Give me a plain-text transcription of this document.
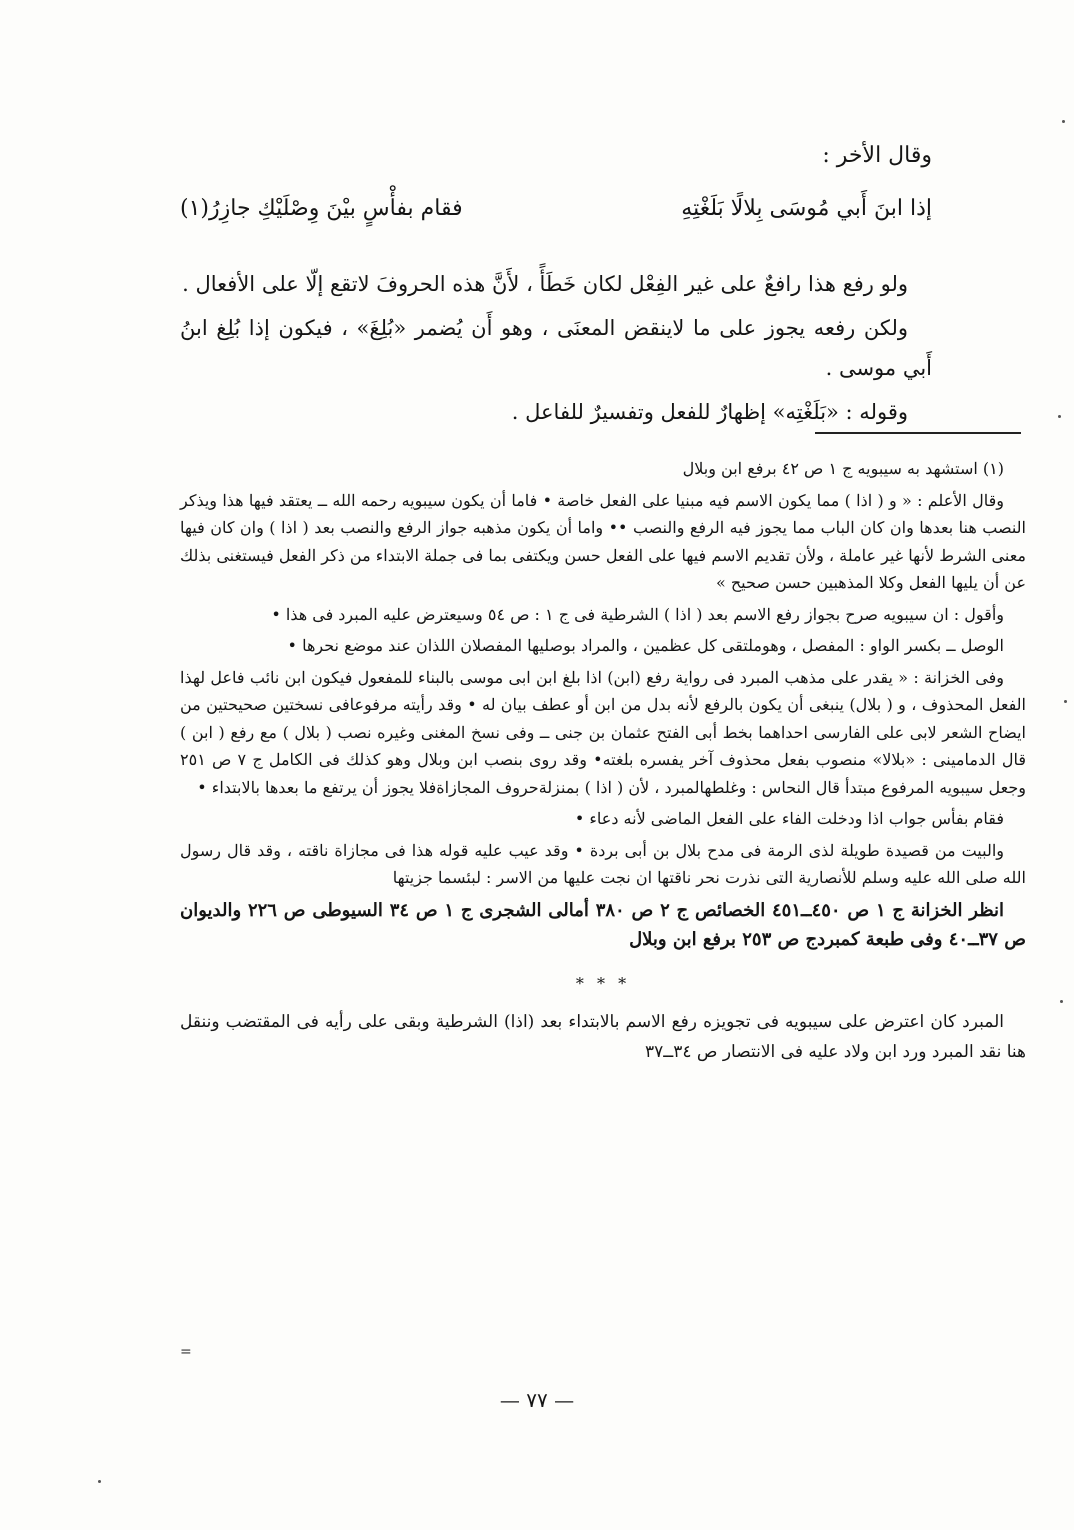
وقال الأخر :
إذا ابنَ أَبي مُوسَى بِلالًا بَلَغْتِهِ
فقام بفأْسٍ بيْنَ وِصْلَيْكِ جازِرُ(١)

ولو رفع هذا رافعٌ على غير الفِعْل لكان خَطَأً ، لأَنَّ هذه الحروفَ لاتقع إلّا على الأفعال .

ولكن رفعه يجوز على ما لاينقض المعنَى ، وهو أَن يُضمر «بُلِغَ» ، فيكون إذا بُلِغ ابنُ أَبي موسى .

وقوله : «بَلَغْتِه» إظهارٌ للفعل وتفسيرٌ للفاعل .

(١) استشهد به سيبويه ج ١ ص ٤٢ برفع ابن وبلال

وقال الأعلم : « و ( اذا ) مما يكون الاسم فيه مبنيا على الفعل خاصة • فاما أن يكون سيبويه رحمه الله ــ يعتقد فيها هذا ويذكر النصب هنا بعدها وان كان الباب مما يجوز فيه الرفع والنصب •• واما أن يكون مذهبه جواز الرفع والنصب بعد ( اذا ) وان كان فيها معنى الشرط لأنها غير عاملة ، ولأن تقديم الاسم فيها على الفعل حسن ويكتفى بما فى جملة الابتداء من ذكر الفعل فيستغنى بذلك عن أن يليها الفعل وكلا المذهبين حسن صحيح »

وأقول : ان سيبويه صرح بجواز رفع الاسم بعد ( اذا ) الشرطية فى ج ١ : ص ٥٤ وسيعترض عليه المبرد فى هذا •

الوصل ــ بكسر الواو : المفصل ، وهوملتقى كل عظمين ، والمراد بوصليها المفصلان اللذان عند موضع نحرها •

وفى الخزانة : « يقدر على مذهب المبرد فى رواية رفع (ابن) اذا بلغ ابن ابى موسى بالبناء للمفعول فيكون ابن نائب فاعل لهذا الفعل المحذوف ، و ( بلال) ينبغى أن يكون بالرفع لأنه بدل من ابن أو عطف بيان له • وقد رأيته مرفوعافى نسختين صحيحتين من ايضاح الشعر لابى على الفارسى احداهما بخط أبى الفتح عثمان بن جنى ــ وفى نسخ المغنى وغيره نصب ( بلال ) مع رفع ( ابن ) قال الدمامينى : «بلالا» منصوب بفعل محذوف آخر يفسره بلغته• وقد روى بنصب ابن وبلال وهو كذلك فى الكامل ج ٧ ص ٢٥١ وجعل سيبويه المرفوع مبتدأ قال النحاس : وغلطهالمبرد ، لأن ( اذا ) بمنزلةحروف المجازاةفلا يجوز أن يرتفع ما بعدها بالابتداء •

فقام بفأس جواب اذا ودخلت الفاء على الفعل الماضى لأنه دعاء •

والبيت من قصيدة طويلة لذى الرمة فى مدح بلال بن أبى بردة • وقد عيب عليه قوله هذا فى مجازاة ناقته ، وقد قال رسول الله صلى الله عليه وسلم للأنصارية التى نذرت نحر ناقتها ان نجت عليها من الاسر : لبئسما جزيتها

انظر الخزانة ج ١ ص ٤٥٠ــ٤٥١ الخصائص ج ٢ ص ٣٨٠ أمالى الشجرى ج ١ ص ٣٤ السيوطى ص ٢٢٦ والديوان ص ٣٧ــ٤٠ وفى طبعة كمبردج ص ٢٥٣ برفع ابن وبلال

* * *

المبرد كان اعترض على سيبويه فى تجويزه رفع الاسم بالابتداء بعد (اذا) الشرطية وبقى على رأيه فى المقتضب وننقل هنا نقد المبرد ورد ابن ولاد عليه فى الانتصار ص ٣٤ــ٣٧

=
— ٧٧ —
